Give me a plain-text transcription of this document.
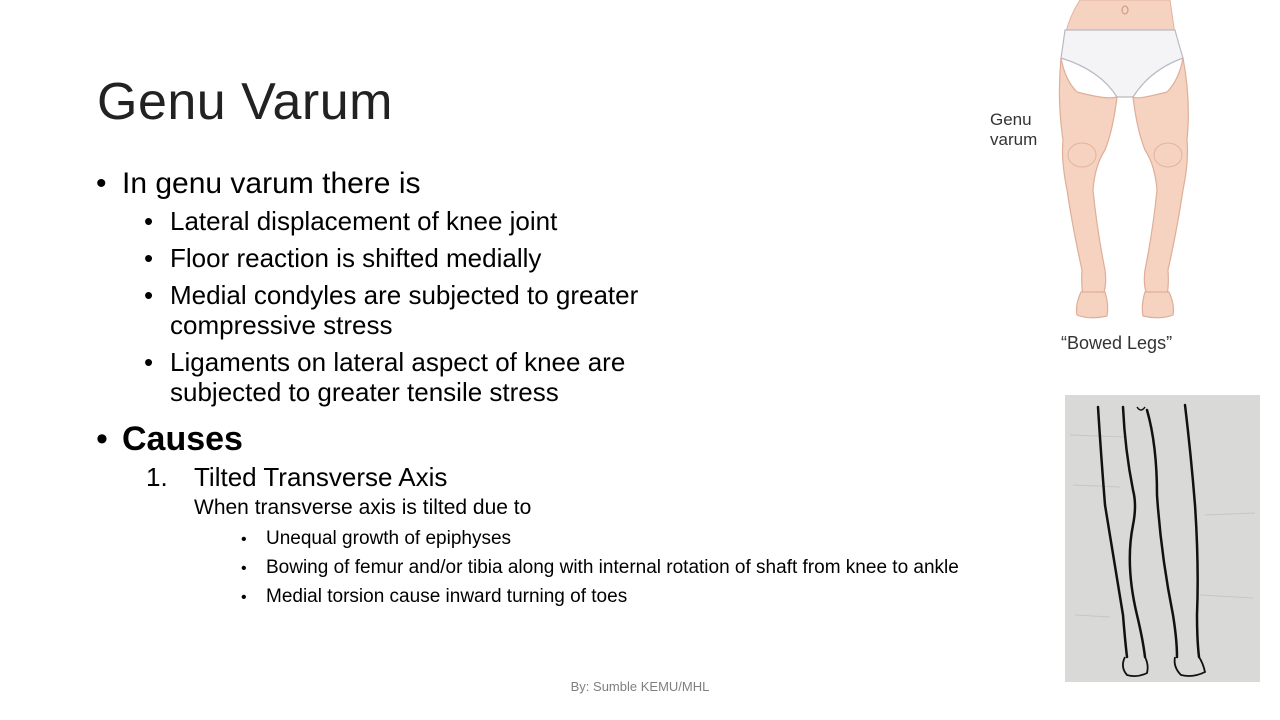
Genu Varum
• In genu varum there is
• Lateral displacement of knee joint
• Floor reaction is shifted medially
• Medial condyles are subjected to greater compressive stress
• Ligaments on lateral aspect of knee are subjected to greater tensile stress
• Causes
1. Tilted Transverse Axis
When transverse axis is tilted due to
• Unequal growth of epiphyses
• Bowing of femur and/or tibia along with internal rotation of shaft from knee to ankle
• Medial torsion cause inward turning of toes
By: Sumble KEMU/MHL
Genu
varum
“Bowed Legs”
